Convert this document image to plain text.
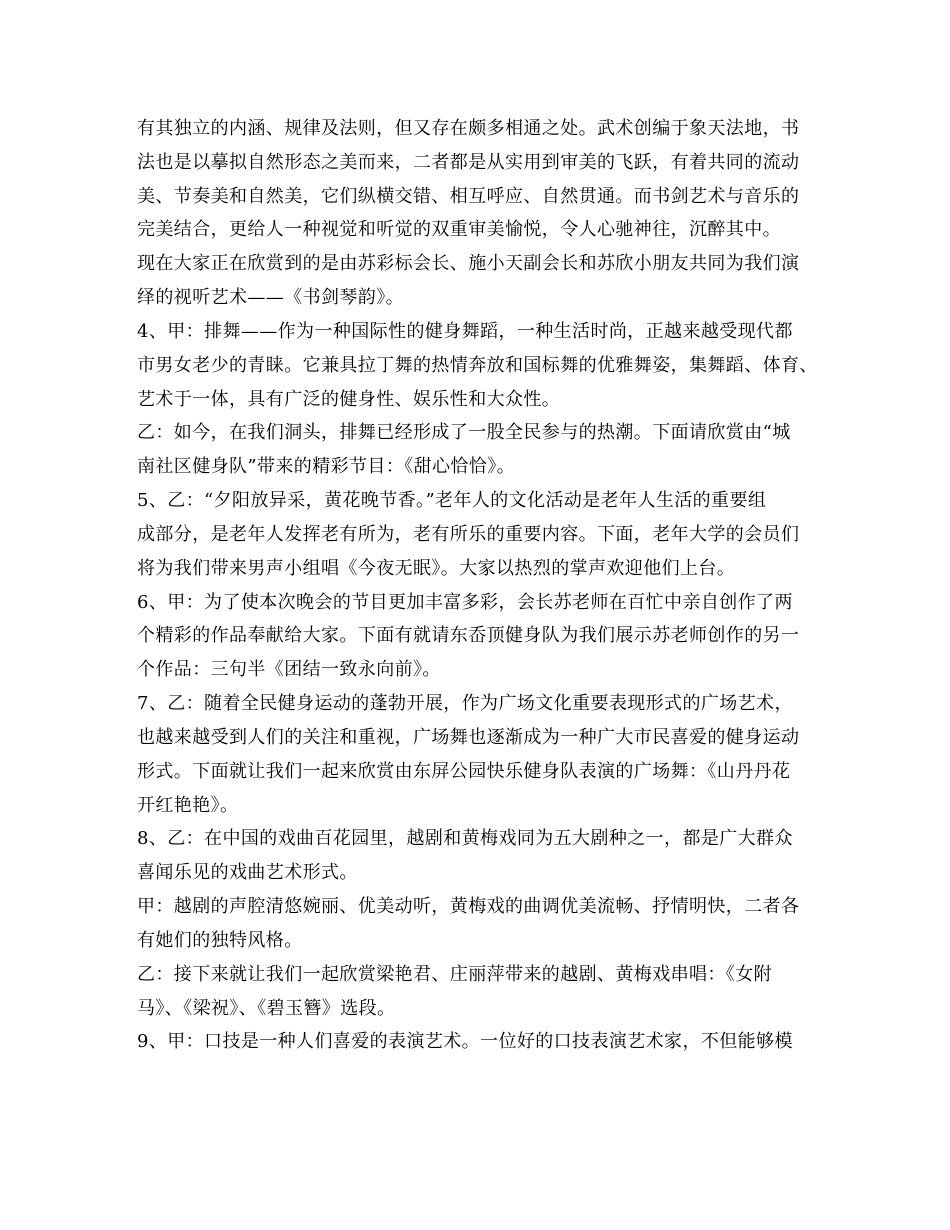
有其独立的内涵、规律及法则，但又存在颇多相通之处。武术创编于象天法地，书
法也是以摹拟自然形态之美而来，二者都是从实用到审美的飞跃，有着共同的流动
美、节奏美和自然美，它们纵横交错、相互呼应、自然贯通。而书剑艺术与音乐的
完美结合，更给人一种视觉和听觉的双重审美愉悦，令人心驰神往，沉醉其中。
现在大家正在欣赏到的是由苏彩标会长、施小天副会长和苏欣小朋友共同为我们演
绎的视听艺术——《书剑琴韵》。
4、甲：排舞——作为一种国际性的健身舞蹈，一种生活时尚，正越来越受现代都
市男女老少的青睐。它兼具拉丁舞的热情奔放和国标舞的优雅舞姿，集舞蹈、体育、
艺术于一体，具有广泛的健身性、娱乐性和大众性。
乙：如今，在我们洞头，排舞已经形成了一股全民参与的热潮。下面请欣赏由“城
南社区健身队”带来的精彩节目：《甜心恰恰》。
5、乙：“夕阳放异采，黄花晚节香。”老年人的文化活动是老年人生活的重要组
成部分，是老年人发挥老有所为，老有所乐的重要内容。下面，老年大学的会员们
将为我们带来男声小组唱《今夜无眠》。大家以热烈的掌声欢迎他们上台。
6、甲：为了使本次晚会的节目更加丰富多彩，会长苏老师在百忙中亲自创作了两
个精彩的作品奉献给大家。下面有就请东岙顶健身队为我们展示苏老师创作的另一
个作品：三句半《团结一致永向前》。
7、乙：随着全民健身运动的蓬勃开展，作为广场文化重要表现形式的广场艺术，
也越来越受到人们的关注和重视，广场舞也逐渐成为一种广大市民喜爱的健身运动
形式。下面就让我们一起来欣赏由东屏公园快乐健身队表演的广场舞：《山丹丹花
开红艳艳》。
8、乙：在中国的戏曲百花园里，越剧和黄梅戏同为五大剧种之一，都是广大群众
喜闻乐见的戏曲艺术形式。
甲：越剧的声腔清悠婉丽、优美动听，黄梅戏的曲调优美流畅、抒情明快，二者各
有她们的独特风格。
乙：接下来就让我们一起欣赏梁艳君、庄丽萍带来的越剧、黄梅戏串唱：《女附
马》、《梁祝》、《碧玉簪》选段。
9、甲：口技是一种人们喜爱的表演艺术。一位好的口技表演艺术家，不但能够模
